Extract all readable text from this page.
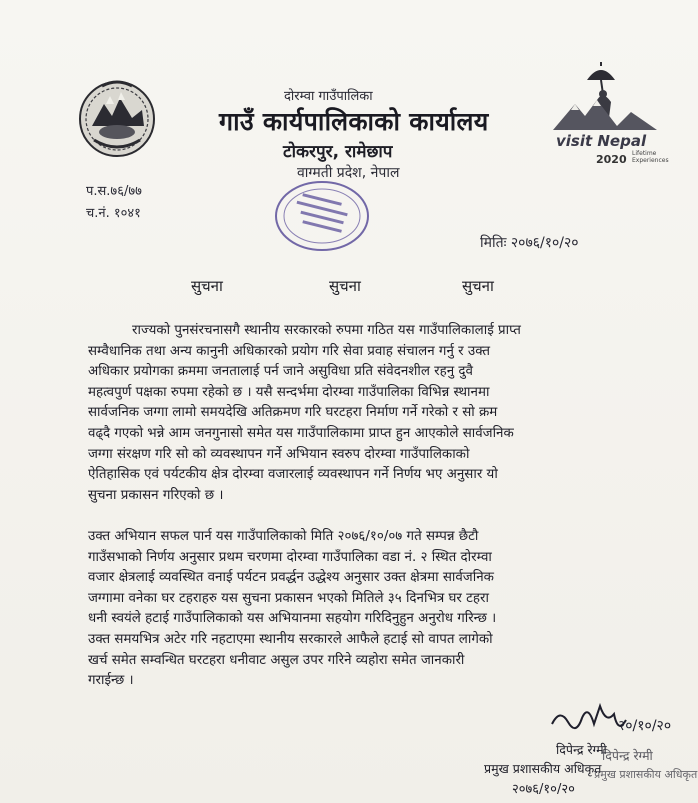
visit Nepal
2020 Lifetime Experiences
दोरम्वा गाउँपालिका
गाउँ कार्यपालिकाको कार्यालय
टोकरपुर, रामेछाप
वाग्मती प्रदेश, नेपाल
प.स.७६/७७
च.नं. १०४१
मितिः २०७६/१०/२०
सुचना	सुचना	सुचना
राज्यको पुनसंरचनासगै स्थानीय सरकारको रुपमा गठित यस गाउँपालिकालाई प्राप्त
सम्वैधानिक तथा अन्य कानुनी अधिकारको प्रयोग गरि सेवा प्रवाह संचालन गर्नु र उक्त
अधिकार प्रयोगका क्रममा जनतालाई पर्न जाने असुविधा प्रति संवेदनशील रहनु दुवै
महत्वपुर्ण पक्षका रुपमा रहेको छ । यसै सन्दर्भमा दोरम्वा गाउँपालिका विभिन्न स्थानमा
सार्वजनिक जग्गा लामो समयदेखि अतिक्रमण गरि घरटहरा निर्माण गर्ने गरेको र सो क्रम
वढ्दै गएको भन्ने आम जनगुनासो समेत यस गाउँपालिकामा प्राप्त हुन आएकोले सार्वजनिक
जग्गा संरक्षण गरि सो को व्यवस्थापन गर्ने अभियान स्वरुप दोरम्वा गाउँपालिकाको
ऐतिहासिक एवं पर्यटकीय क्षेत्र दोरम्वा वजारलाई व्यवस्थापन गर्ने निर्णय भए अनुसार यो
सुचना प्रकासन गरिएको छ ।
उक्त अभियान सफल पार्न यस गाउँपालिकाको मिति २०७६/१०/०७ गते सम्पन्न छैटौ
गाउँसभाको निर्णय अनुसार प्रथम चरणमा दोरम्वा गाउँपालिका वडा नं. २ स्थित दोरम्वा
वजार क्षेत्रलाई व्यवस्थित वनाई पर्यटन प्रवर्द्धन उद्धेश्य अनुसार उक्त क्षेत्रमा सार्वजनिक
जग्गामा वनेका घर टहराहरु यस सुचना प्रकासन भएको मितिले ३५ दिनभित्र घर टहरा
धनी स्वयंले हटाई गाउँपालिकाको यस अभियानमा सहयोग गरिदिनुहुन अनुरोध गरिन्छ ।
उक्त समयभित्र अटेर गरि नहटाएमा स्थानीय सरकारले आफैले हटाई सो वापत लागेको
खर्च समेत सम्वन्धित घरटहरा धनीवाट असुल उपर गरिने व्यहोरा समेत जानकारी
गराईन्छ ।
२०/१०/२०
दिपेन्द्र रेग्मी
दिपेन्द्र रेग्मी
प्रमुख प्रशासकीय अधिकृत
प्रमुख प्रशासकीय अधिकृत
२०७६/१०/२०
